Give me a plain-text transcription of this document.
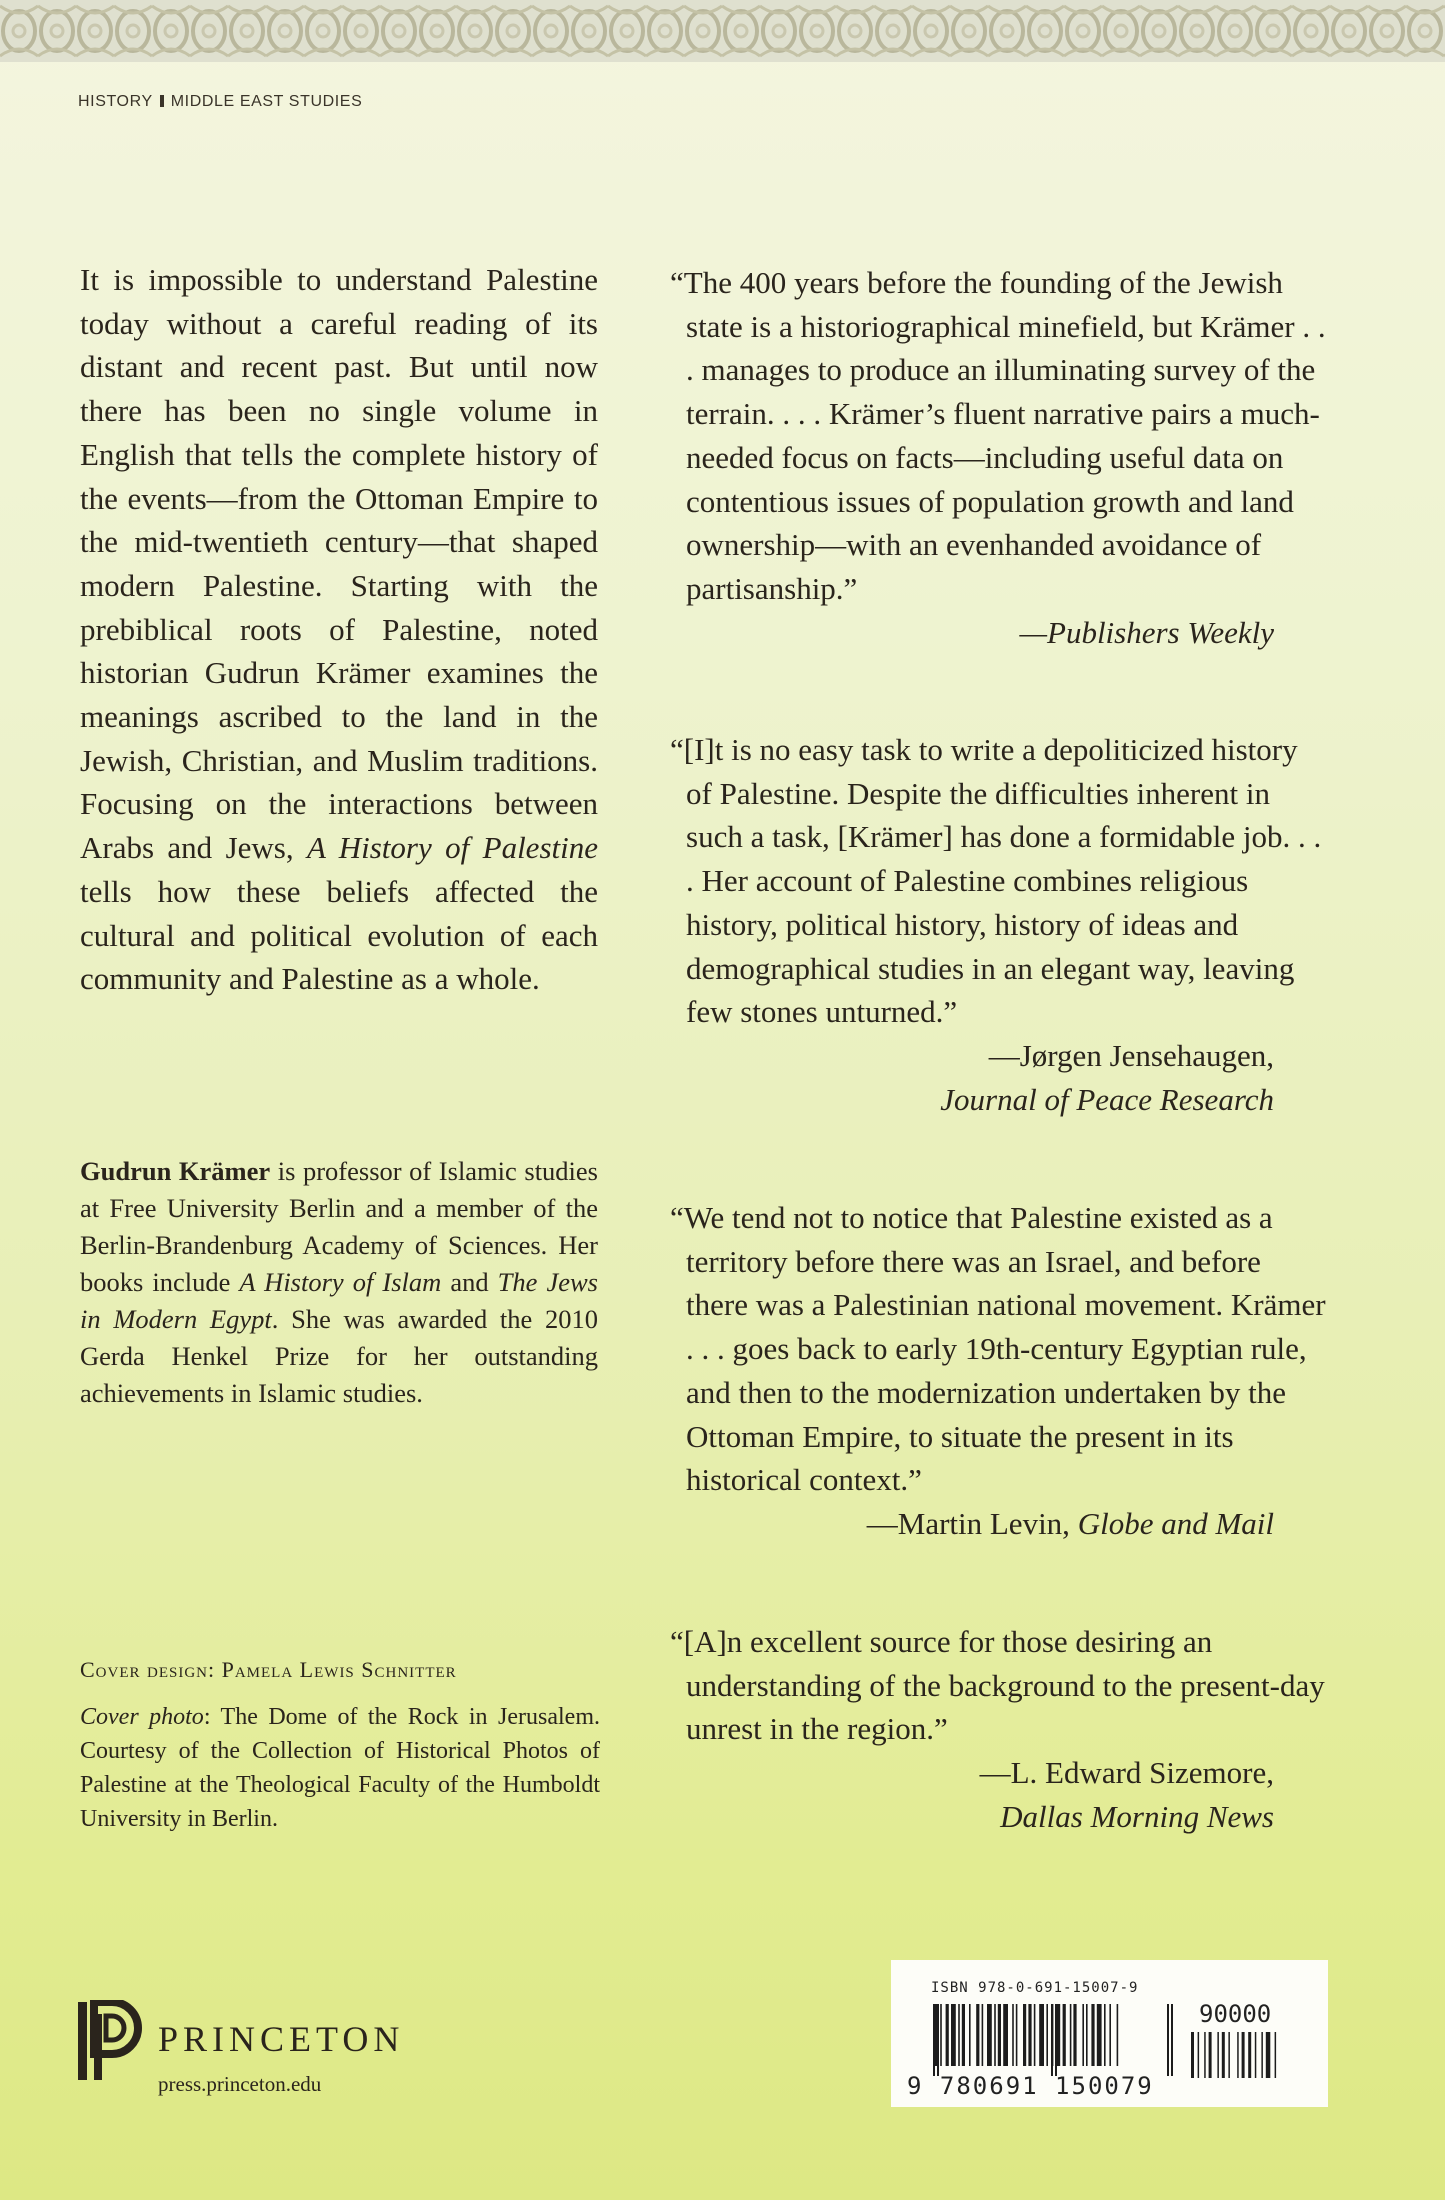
HISTORY MIDDLE EAST STUDIES

It is impossible to understand Palestine today without a careful reading of its distant and recent past. But until now there has been no single volume in English that tells the complete history of the events—from the Ottoman Empire to the mid-twentieth century—that shaped modern Palestine. Starting with the prebiblical roots of Palestine, noted historian Gudrun Krämer examines the meanings ascribed to the land in the Jewish, Christian, and Muslim traditions. Focusing on the interactions between Arabs and Jews, A History of Palestine tells how these beliefs affected the cultural and political evolution of each community and Palestine as a whole.

Gudrun Krämer is professor of Islamic studies at Free University Berlin and a member of the Berlin-Brandenburg Academy of Sciences. Her books include A History of Islam and The Jews in Modern Egypt. She was awarded the 2010 Gerda Henkel Prize for her outstanding achievements in Islamic studies.

Cover design: Pamela Lewis Schnitter

Cover photo: The Dome of the Rock in Jerusalem. Courtesy of the Collection of Historical Photos of Palestine at the Theological Faculty of the Humboldt University in Berlin.

“The 400 years before the founding of the Jewish state is a historiographical minefield, but Krämer . . . manages to produce an illuminating survey of the terrain. . . . Krämer’s fluent narrative pairs a much-needed focus on facts—including useful data on contentious issues of population growth and land ownership—with an evenhanded avoidance of partisanship.”

—Publishers Weekly

“[I]t is no easy task to write a depoliticized history of Palestine. Despite the difficulties inherent in such a task, [Krämer] has done a formidable job. . . . Her account of Palestine combines religious history, political history, history of ideas and demographical studies in an elegant way, leaving few stones unturned.”

—Jørgen Jensehaugen,

Journal of Peace Research

“We tend not to notice that Palestine existed as a territory before there was an Israel, and before there was a Palestinian national movement. Krämer . . . goes back to early 19th-century Egyptian rule, and then to the modernization undertaken by the Ottoman Empire, to situate the present in its historical context.”

—Martin Levin, Globe and Mail

“[A]n excellent source for those desiring an understanding of the background to the present-day unrest in the region.”

—L. Edward Sizemore,

Dallas Morning News

PRINCETON
press.princeton.edu
ISBN 978-0-691-15007-9
90000
9 780691 150079
